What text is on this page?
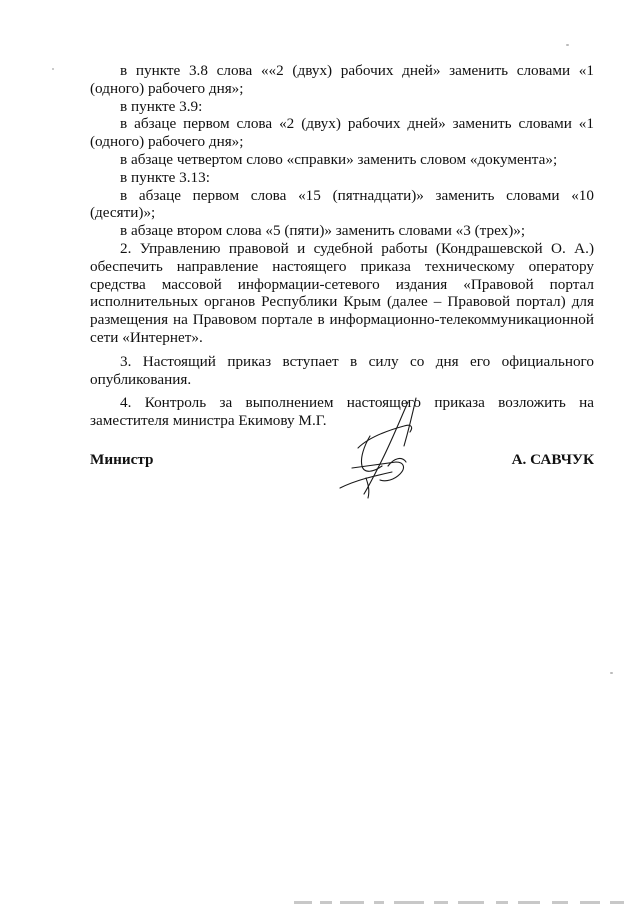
в пункте 3.8 слова ««2 (двух) рабочих дней» заменить словами «1 (одного) рабочего дня»;

в пункте 3.9:

в абзаце первом слова «2 (двух) рабочих дней» заменить словами «1 (одного) рабочего дня»;

в абзаце четвертом слово «справки» заменить словом «документа»;

в пункте 3.13:

в абзаце первом слова «15 (пятнадцати)» заменить словами «10 (десяти)»;

в абзаце втором слова «5 (пяти)» заменить словами «3 (трех)»;

2. Управлению правовой и судебной работы (Кондрашевской О. А.) обеспечить направление настоящего приказа техническому оператору средства массовой информации-сетевого издания «Правовой портал исполнительных органов Республики Крым (далее – Правовой портал) для размещения на Правовом портале в информационно-телекоммуникационной сети «Интернет».

3. Настоящий приказ вступает в силу со дня его официального опубликования.

4. Контроль за выполнением настоящего приказа возложить на заместителя министра Екимову М.Г.

Министр	А. САВЧУК
